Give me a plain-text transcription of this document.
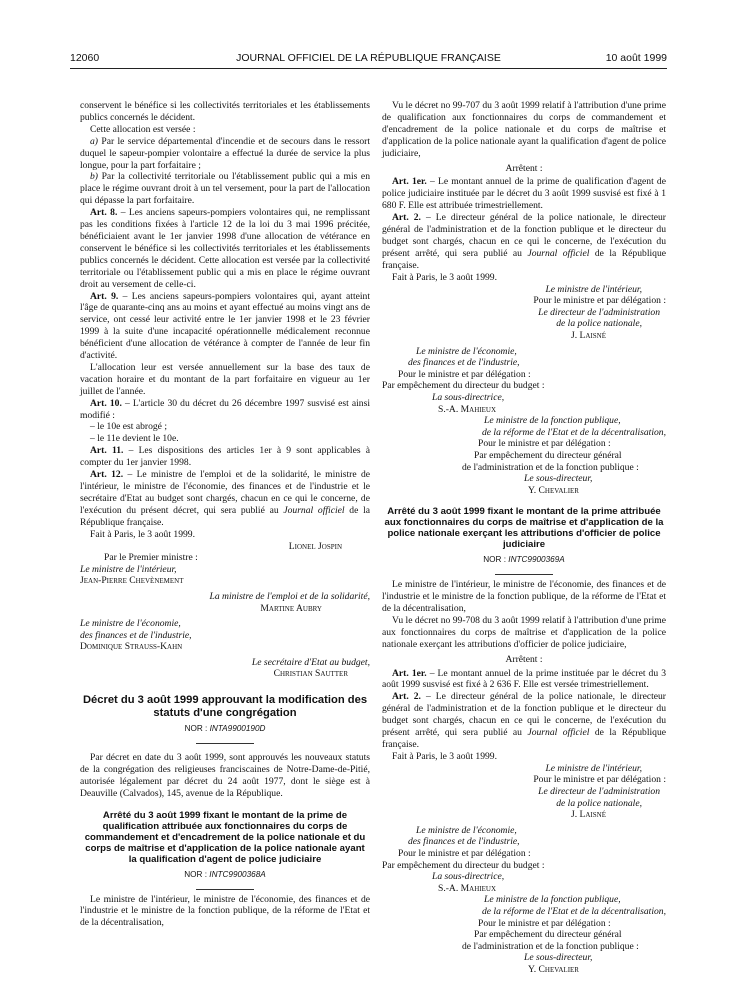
12060	JOURNAL OFFICIEL DE LA RÉPUBLIQUE FRANÇAISE	10 août 1999

conservent le bénéfice si les collectivités territoriales et les établissements publics concernés le décident.

Cette allocation est versée :

a) Par le service départemental d'incendie et de secours dans le ressort duquel le sapeur-pompier volontaire a effectué la durée de service la plus longue, pour la part forfaitaire ;

b) Par la collectivité territoriale ou l'établissement public qui a mis en place le régime ouvrant droit à un tel versement, pour la part de l'allocation qui dépasse la part forfaitaire.

Art. 8. – Les anciens sapeurs-pompiers volontaires qui, ne remplissant pas les conditions fixées à l'article 12 de la loi du 3 mai 1996 précitée, bénéficiaient avant le 1er janvier 1998 d'une allocation de vétérance en conservent le bénéfice si les collectivités territoriales et les établissements publics concernés le décident. Cette allocation est versée par la collectivité territoriale ou l'établissement public qui a mis en place le régime ouvrant droit au versement de celle-ci.

Art. 9. – Les anciens sapeurs-pompiers volontaires qui, ayant atteint l'âge de quarante-cinq ans au moins et ayant effectué au moins vingt ans de service, ont cessé leur activité entre le 1er janvier 1998 et le 23 février 1999 à la suite d'une incapacité opérationnelle médicalement reconnue bénéficient d'une allocation de vétérance à compter de l'année de leur fin d'activité.

L'allocation leur est versée annuellement sur la base des taux de vacation horaire et du montant de la part forfaitaire en vigueur au 1er juillet de l'année.

Art. 10. – L'article 30 du décret du 26 décembre 1997 susvisé est ainsi modifié :

– le 10e est abrogé ;

– le 11e devient le 10e.

Art. 11. – Les dispositions des articles 1er à 9 sont applicables à compter du 1er janvier 1998.

Art. 12. – Le ministre de l'emploi et de la solidarité, le ministre de l'intérieur, le ministre de l'économie, des finances et de l'industrie et le secrétaire d'Etat au budget sont chargés, chacun en ce qui le concerne, de l'exécution du présent décret, qui sera publié au Journal officiel de la République française.

Fait à Paris, le 3 août 1999.

Lionel Jospin
Par le Premier ministre :
Le ministre de l'intérieur,
Jean-Pierre Chevènement
La ministre de l'emploi et de la solidarité,
Martine Aubry
Le ministre de l'économie,
des finances et de l'industrie,
Dominique Strauss-Kahn
Le secrétaire d'Etat au budget,
Christian Sautter
Décret du 3 août 1999 approuvant la modification des statuts d'une congrégation
NOR : INTA9900190D

Par décret en date du 3 août 1999, sont approuvés les nouveaux statuts de la congrégation des religieuses franciscaines de Notre-Dame-de-Pitié, autorisée légalement par décret du 24 août 1977, dont le siège est à Deauville (Calvados), 145, avenue de la République.

Arrêté du 3 août 1999 fixant le montant de la prime de qualification attribuée aux fonctionnaires du corps de commandement et d'encadrement de la police nationale et du corps de maîtrise et d'application de la police nationale ayant la qualification d'agent de police judiciaire
NOR : INTC9900368A

Le ministre de l'intérieur, le ministre de l'économie, des finances et de l'industrie et le ministre de la fonction publique, de la réforme de l'Etat et de la décentralisation,

Vu le décret no 99-707 du 3 août 1999 relatif à l'attribution d'une prime de qualification aux fonctionnaires du corps de commandement et d'encadrement de la police nationale et du corps de maîtrise et d'application de la police nationale ayant la qualification d'agent de police judiciaire,

Arrêtent :

Art. 1er. – Le montant annuel de la prime de qualification d'agent de police judiciaire instituée par le décret du 3 août 1999 susvisé est fixé à 1 680 F. Elle est attribuée trimestriellement.

Art. 2. – Le directeur général de la police nationale, le directeur général de l'administration et de la fonction publique et le directeur du budget sont chargés, chacun en ce qui le concerne, de l'exécution du présent arrêté, qui sera publié au Journal officiel de la République française.

Fait à Paris, le 3 août 1999.

Le ministre de l'intérieur,
Pour le ministre et par délégation :
Le directeur de l'administration
de la police nationale,
J. Laisné
Le ministre de l'économie,
des finances et de l'industrie,
Pour le ministre et par délégation :
Par empêchement du directeur du budget :
La sous-directrice,
S.-A. Mahieux
Le ministre de la fonction publique,
de la réforme de l'Etat et de la décentralisation,
Pour le ministre et par délégation :
Par empêchement du directeur général
de l'administration et de la fonction publique :
Le sous-directeur,
Y. Chevalier
Arrêté du 3 août 1999 fixant le montant de la prime attribuée aux fonctionnaires du corps de maîtrise et d'application de la police nationale exerçant les attributions d'officier de police judiciaire
NOR : INTC9900369A

Le ministre de l'intérieur, le ministre de l'économie, des finances et de l'industrie et le ministre de la fonction publique, de la réforme de l'Etat et de la décentralisation,

Vu le décret no 99-708 du 3 août 1999 relatif à l'attribution d'une prime aux fonctionnaires du corps de maîtrise et d'application de la police nationale exerçant les attributions d'officier de police judiciaire,

Arrêtent :

Art. 1er. – Le montant annuel de la prime instituée par le décret du 3 août 1999 susvisé est fixé à 2 636 F. Elle est versée trimestriellement.

Art. 2. – Le directeur général de la police nationale, le directeur général de l'administration et de la fonction publique et le directeur du budget sont chargés, chacun en ce qui le concerne, de l'exécution du présent arrêté, qui sera publié au Journal officiel de la République française.

Fait à Paris, le 3 août 1999.

Le ministre de l'intérieur,
Pour le ministre et par délégation :
Le directeur de l'administration
de la police nationale,
J. Laisné
Le ministre de l'économie,
des finances et de l'industrie,
Pour le ministre et par délégation :
Par empêchement du directeur du budget :
La sous-directrice,
S.-A. Mahieux
Le ministre de la fonction publique,
de la réforme de l'Etat et de la décentralisation,
Pour le ministre et par délégation :
Par empêchement du directeur général
de l'administration et de la fonction publique :
Le sous-directeur,
Y. Chevalier
